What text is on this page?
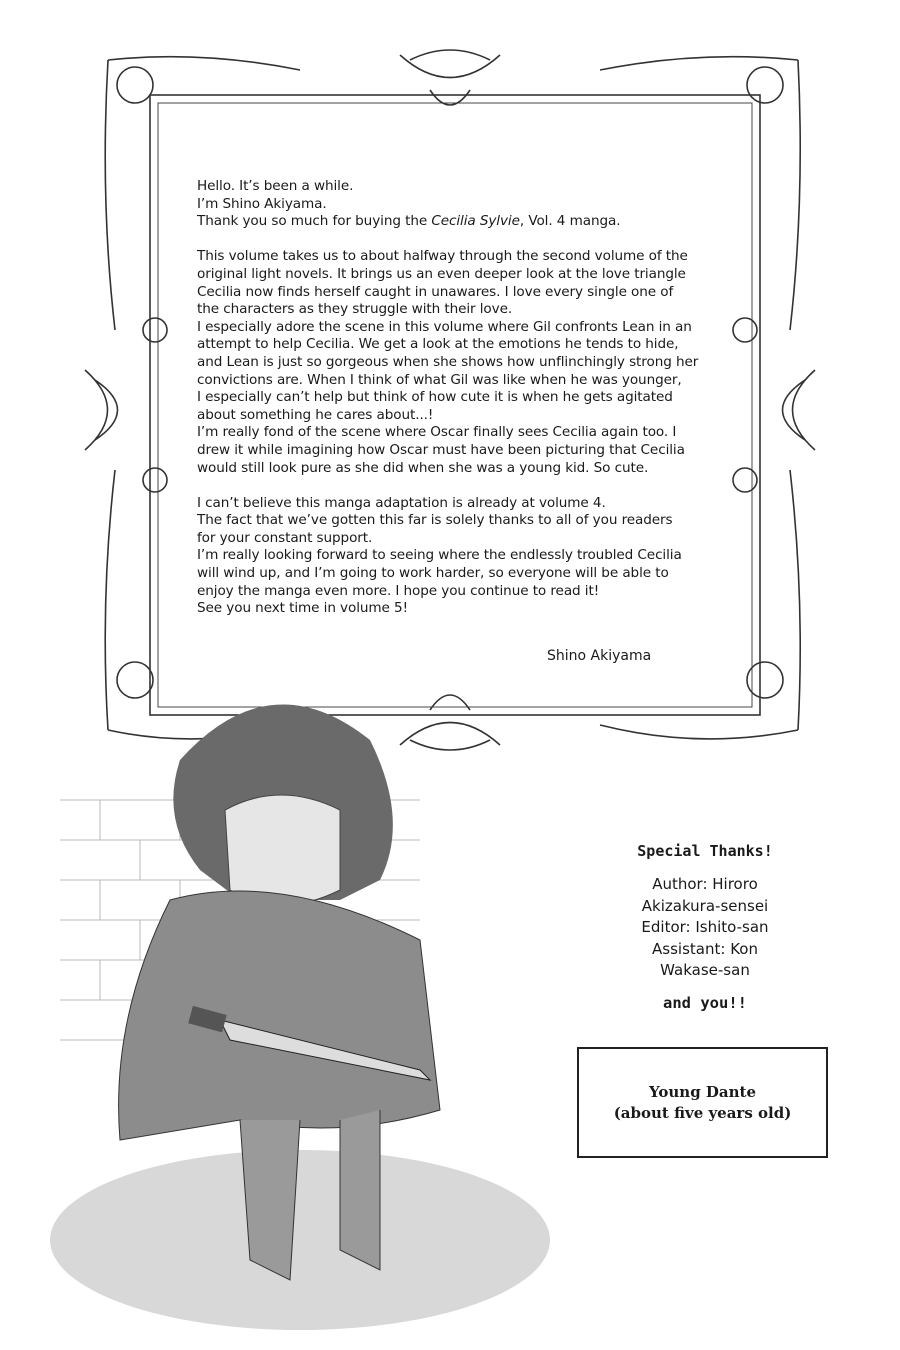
Hello. It’s been a while.
I’m Shino Akiyama.
Thank you so much for buying the Cecilia Sylvie, Vol. 4 manga.
This volume takes us to about halfway through the second volume of the
original light novels. It brings us an even deeper look at the love triangle
Cecilia now finds herself caught in unawares. I love every single one of
the characters as they struggle with their love.
I especially adore the scene in this volume where Gil confronts Lean in an
attempt to help Cecilia. We get a look at the emotions he tends to hide,
and Lean is just so gorgeous when she shows how unflinchingly strong her
convictions are. When I think of what Gil was like when he was younger,
I especially can’t help but think of how cute it is when he gets agitated
about something he cares about...!
I’m really fond of the scene where Oscar finally sees Cecilia again too. I
drew it while imagining how Oscar must have been picturing that Cecilia
would still look pure as she did when she was a young kid. So cute.
I can’t believe this manga adaptation is already at volume 4.
The fact that we’ve gotten this far is solely thanks to all of you readers
for your constant support.
I’m really looking forward to seeing where the endlessly troubled Cecilia
will wind up, and I’m going to work harder, so everyone will be able to
enjoy the manga even more. I hope you continue to read it!
See you next time in volume 5!
Shino Akiyama
Special Thanks!
Author: Hiroro
Akizakura-sensei
Editor: Ishito-san
Assistant: Kon
Wakase-san
and you!!
Young Dante
(about five years old)
